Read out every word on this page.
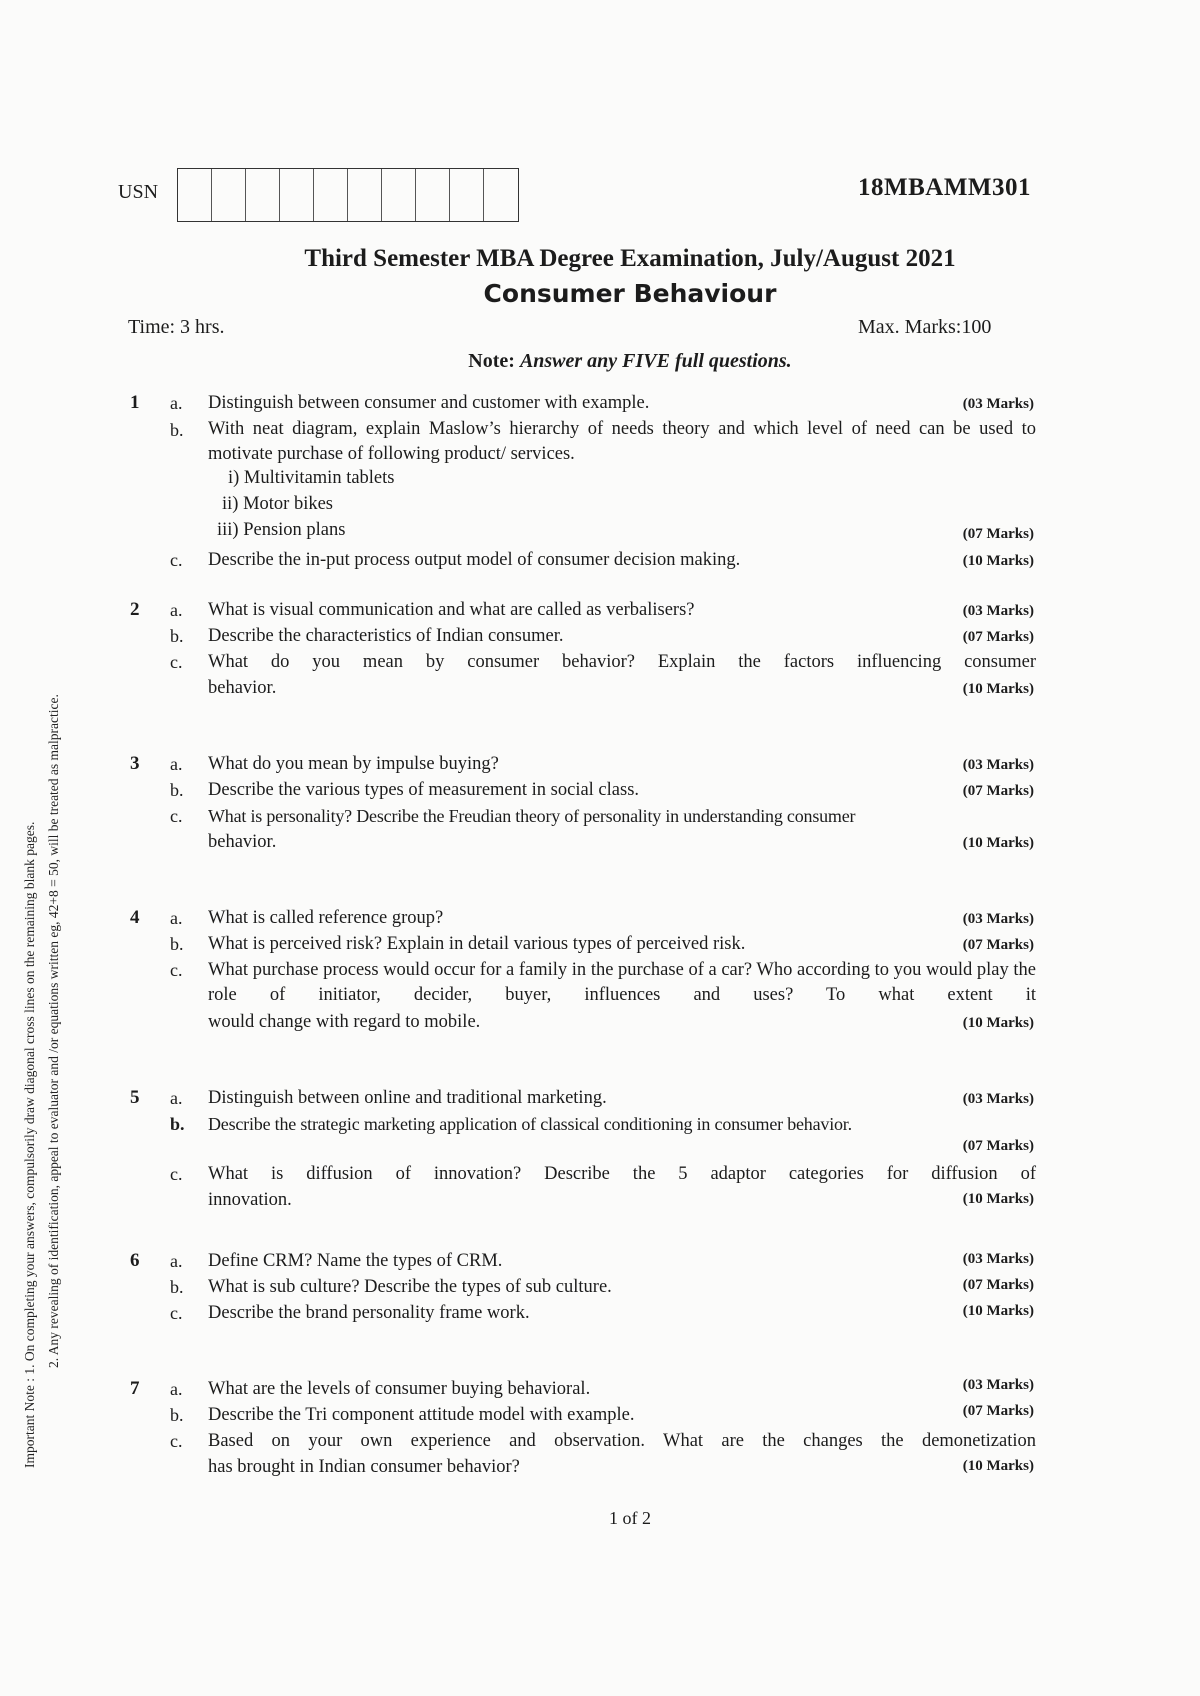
USN	18MBAMM301
Third Semester MBA Degree Examination, July/August 2021
Consumer Behaviour
Time: 3 hrs.	Max. Marks:100
Note: Answer any FIVE full questions.
Important Note : 1. On completing your answers, compulsorily draw diagonal cross lines on the remaining blank pages. 2. Any revealing of identification, appeal to evaluator and /or equations written eg, 42+8 = 50, will be treated as malpractice.
1 a. Distinguish between consumer and customer with example.	(03 Marks)
b. With neat diagram, explain Maslow’s hierarchy of needs theory and which level of need can be used to motivate purchase of following product/ services.
i) Multivitamin tablets
ii) Motor bikes
iii) Pension plans	(07 Marks)
c. Describe the in-put process output model of consumer decision making.	(10 Marks)
2 a. What is visual communication and what are called as verbalisers?	(03 Marks)
b. Describe the characteristics of Indian consumer.	(07 Marks)
c. What do you mean by consumer behavior? Explain the factors influencing consumer
behavior.	(10 Marks)
3 a. What do you mean by impulse buying?	(03 Marks)
b. Describe the various types of measurement in social class.	(07 Marks)
c. What is personality? Describe the Freudian theory of personality in understanding consumer
behavior.	(10 Marks)
4 a. What is called reference group?	(03 Marks)
b. What is perceived risk? Explain in detail various types of perceived risk.	(07 Marks)
c. What purchase process would occur for a family in the purchase of a car? Who according to you would play the role of initiator, decider, buyer, influences and uses? To what extent it
would change with regard to mobile.	(10 Marks)
5 a. Distinguish between online and traditional marketing.	(03 Marks)
b. Describe the strategic marketing application of classical conditioning in consumer behavior.
(07 Marks)
c. What is diffusion of innovation? Describe the 5 adaptor categories for diffusion of
innovation.	(10 Marks)
6 a. Define CRM? Name the types of CRM.	(03 Marks)
b. What is sub culture? Describe the types of sub culture.	(07 Marks)
c. Describe the brand personality frame work.	(10 Marks)
7 a. What are the levels of consumer buying behavioral.	(03 Marks)
b. Describe the Tri component attitude model with example.	(07 Marks)
c. Based on your own experience and observation. What are the changes the demonetization
has brought in Indian consumer behavior?	(10 Marks)
1 of 2
